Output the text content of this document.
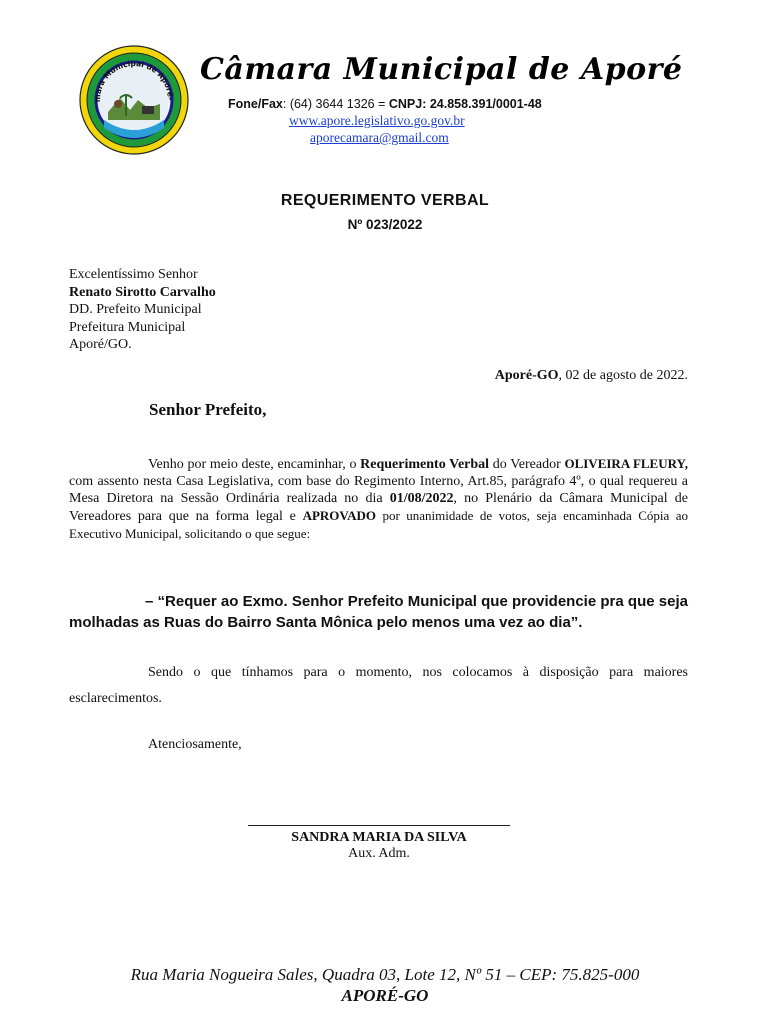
mara Municipal de Aporé-
Câmara Municipal de Aporé
Fone/Fax: (64) 3644 1326 = CNPJ: 24.858.391/0001-48
www.apore.legislativo.go.gov.br
aporecamara@gmail.com
REQUERIMENTO VERBAL
Nº 023/2022
Excelentíssimo Senhor
Renato Sirotto Carvalho
DD. Prefeito Municipal
Prefeitura Municipal
Aporé/GO.
Aporé-GO, 02 de agosto de 2022.
Senhor Prefeito,
Venho por meio deste, encaminhar, o Requerimento Verbal do Vereador OLIVEIRA FLEURY, com assento nesta Casa Legislativa, com base do Regimento Interno, Art.85, parágrafo 4º, o qual requereu a Mesa Diretora na Sessão Ordinária realizada no dia 01/08/2022, no Plenário da Câmara Municipal de Vereadores para que na forma legal e APROVADO por unanimidade de votos, seja encaminhada Cópia ao Executivo Municipal, solicitando o que segue:
– “Requer ao Exmo. Senhor Prefeito Municipal que providencie pra que seja molhadas as Ruas do Bairro Santa Mônica pelo menos uma vez ao dia”.
Sendo o que tínhamos para o momento, nos colocamos à disposição para maiores esclarecimentos.
Atenciosamente,
SANDRA MARIA DA SILVA
Aux. Adm.
Rua Maria Nogueira Sales, Quadra 03, Lote 12, Nº 51 – CEP: 75.825-000
APORÉ-GO
